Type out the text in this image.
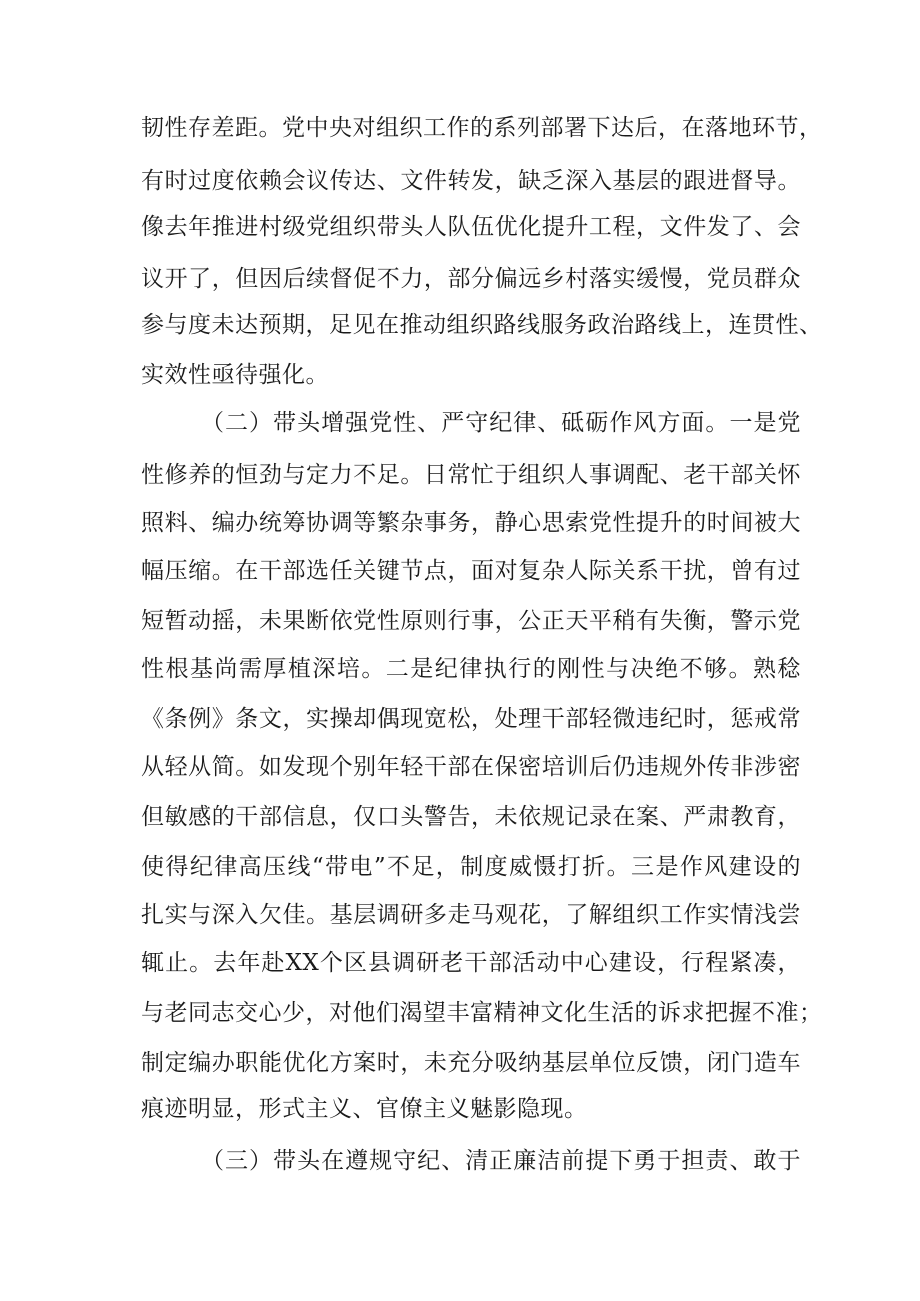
韧性存差距。党中央对组织工作的系列部署下达后，在落地环节，
有时过度依赖会议传达、文件转发，缺乏深入基层的跟进督导。
像去年推进村级党组织带头人队伍优化提升工程，文件发了、会
议开了，但因后续督促不力，部分偏远乡村落实缓慢，党员群众
参与度未达预期，足见在推动组织路线服务政治路线上，连贯性、
实效性亟待强化。
（二）带头增强党性、严守纪律、砥砺作风方面。一是党
性修养的恒劲与定力不足。日常忙于组织人事调配、老干部关怀
照料、编办统筹协调等繁杂事务，静心思索党性提升的时间被大
幅压缩。在干部选任关键节点，面对复杂人际关系干扰，曾有过
短暂动摇，未果断依党性原则行事，公正天平稍有失衡，警示党
性根基尚需厚植深培。二是纪律执行的刚性与决绝不够。熟稔
《条例》条文，实操却偶现宽松，处理干部轻微违纪时，惩戒常
从轻从简。如发现个别年轻干部在保密培训后仍违规外传非涉密
但敏感的干部信息，仅口头警告，未依规记录在案、严肃教育，
使得纪律高压线“带电”不足，制度威慑打折。三是作风建设的
扎实与深入欠佳。基层调研多走马观花，了解组织工作实情浅尝
辄止。去年赴XX个区县调研老干部活动中心建设，行程紧凑，
与老同志交心少，对他们渴望丰富精神文化生活的诉求把握不准；
制定编办职能优化方案时，未充分吸纳基层单位反馈，闭门造车
痕迹明显，形式主义、官僚主义魅影隐现。
（三）带头在遵规守纪、清正廉洁前提下勇于担责、敢于
